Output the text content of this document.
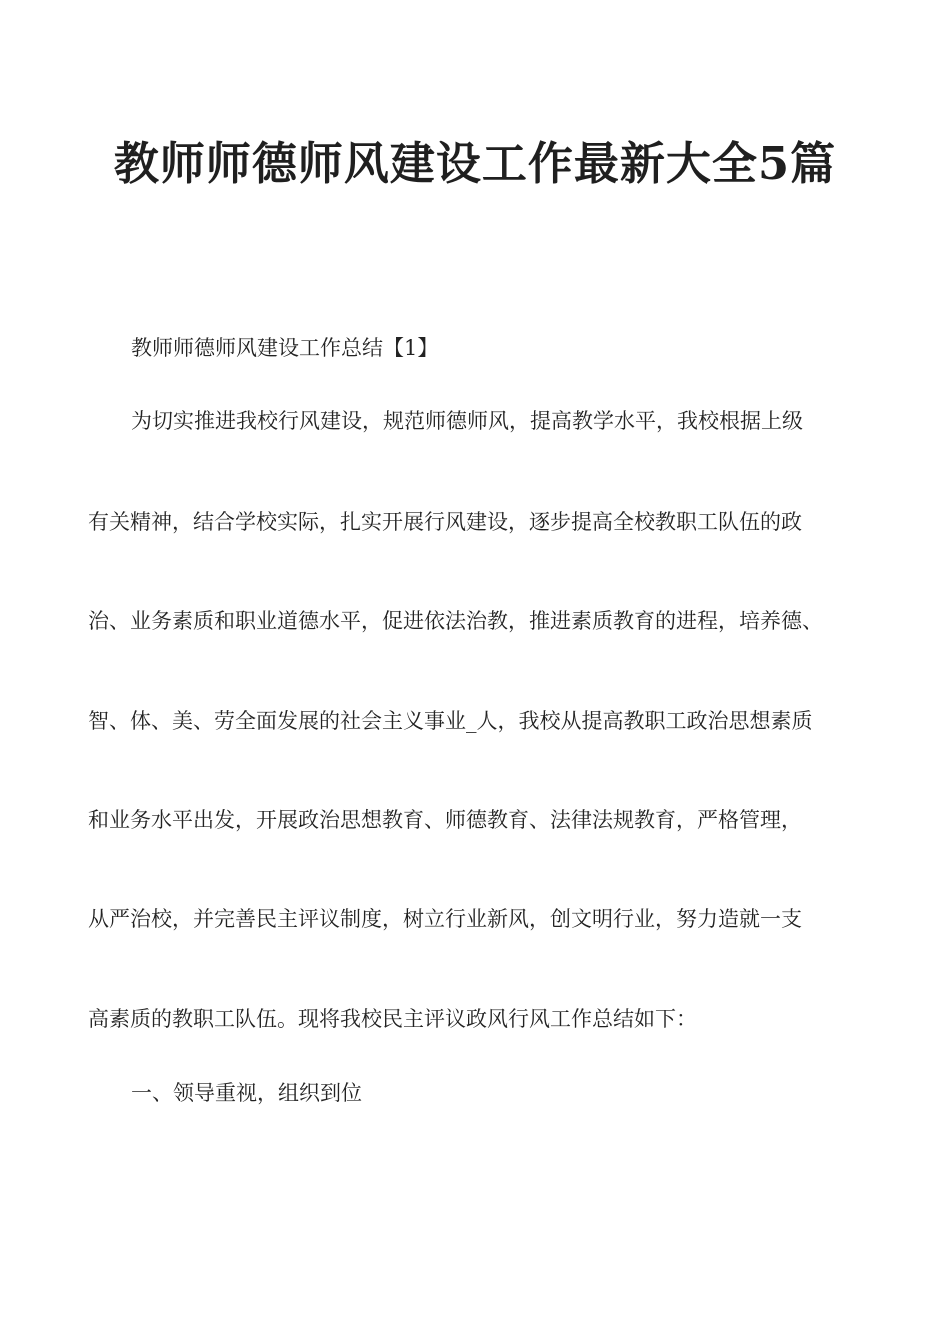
教师师德师风建设工作最新大全5篇
教师师德师风建设工作总结【1】
为切实推进我校行风建设，规范师德师风，提高教学水平，我校根据上级
有关精神，结合学校实际，扎实开展行风建设，逐步提高全校教职工队伍的政
治、业务素质和职业道德水平，促进依法治教，推进素质教育的进程，培养德、
智、体、美、劳全面发展的社会主义事业_人，我校从提高教职工政治思想素质
和业务水平出发，开展政治思想教育、师德教育、法律法规教育，严格管理，
从严治校，并完善民主评议制度，树立行业新风，创文明行业，努力造就一支
高素质的教职工队伍。现将我校民主评议政风行风工作总结如下：
一、领导重视，组织到位
